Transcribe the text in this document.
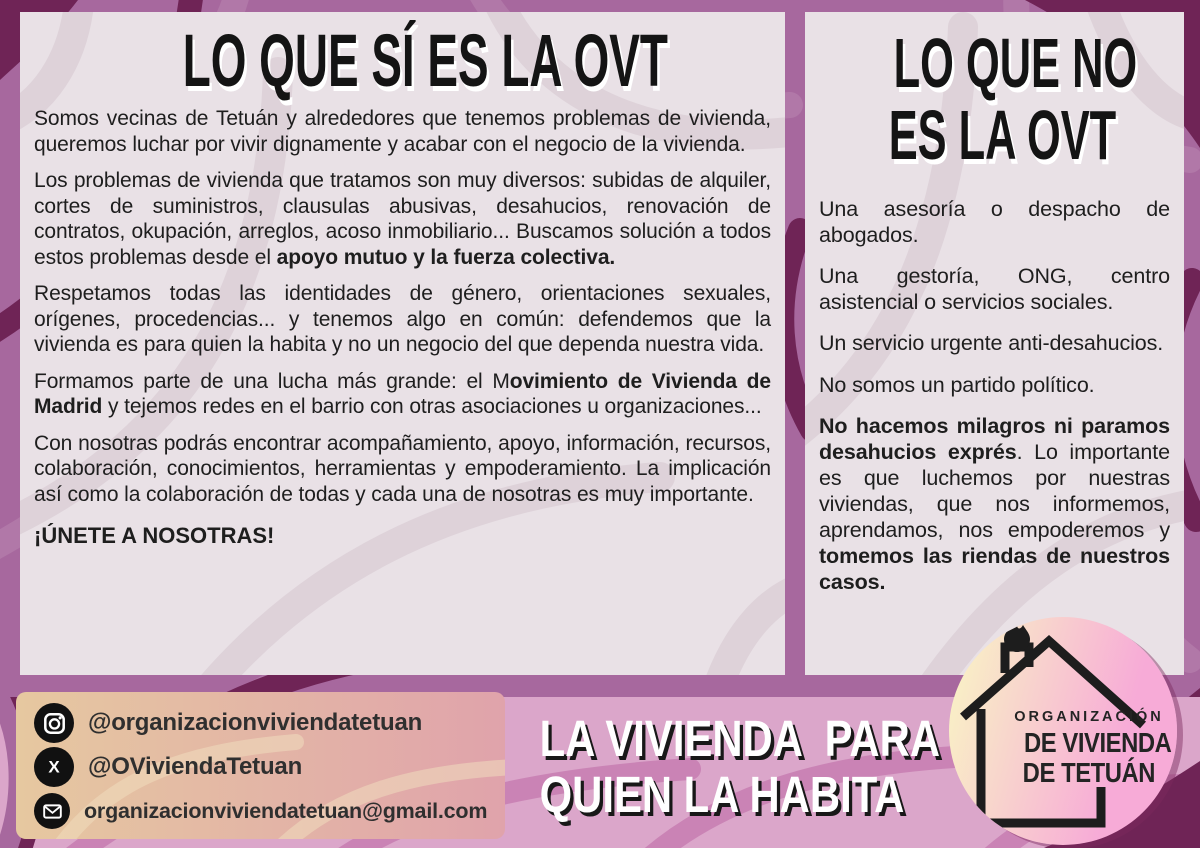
LO QUE SÍ ES LA OVT

Somos vecinas de Tetuán y alrededores que tenemos problemas de vivienda, queremos luchar por vivir dignamente y acabar con el negocio de la vivienda.

Los problemas de vivienda que tratamos son muy diversos: subidas de alquiler, cortes de suministros, clausulas abusivas, desahucios, renovación de contratos, okupación, arreglos, acoso inmobiliario... Buscamos solución a todos estos problemas desde el apoyo mutuo y la fuerza colectiva.

Respetamos todas las identidades de género, orientaciones sexuales, orígenes, procedencias... y tenemos algo en común: defendemos que la vivienda es para quien la habita y no un negocio del que dependa nuestra vida.

Formamos parte de una lucha más grande: el Movimiento de Vivienda de Madrid y tejemos redes en el barrio con otras asociaciones u organizaciones...

Con nosotras podrás encontrar acompañamiento, apoyo, información, recursos, colaboración, conocimientos, herramientas y empoderamiento. La implicación así como la colaboración de todas y cada una de nosotras es muy importante.

¡ÚNETE A NOSOTRAS!
LO QUE NO
ES LA OVT

Una asesoría o despacho de abogados.

Una gestoría, ONG, centro asistencial o servicios sociales.

Un servicio urgente anti-desahucios.

No somos un partido político.

No hacemos milagros ni paramos desahucios exprés. Lo importante es que luchemos por nuestras viviendas, que nos informemos, aprendamos, nos empoderemos y tomemos las riendas de nuestros casos.

@organizacionviviendatetuan
X @OViviendaTetuan
organizacionviviendatetuan@gmail.com
LA VIVIENDA  PARA
QUIEN LA HABITA
ORGANIZACIÓN
DE VIVIENDA
DE TETUÁN
